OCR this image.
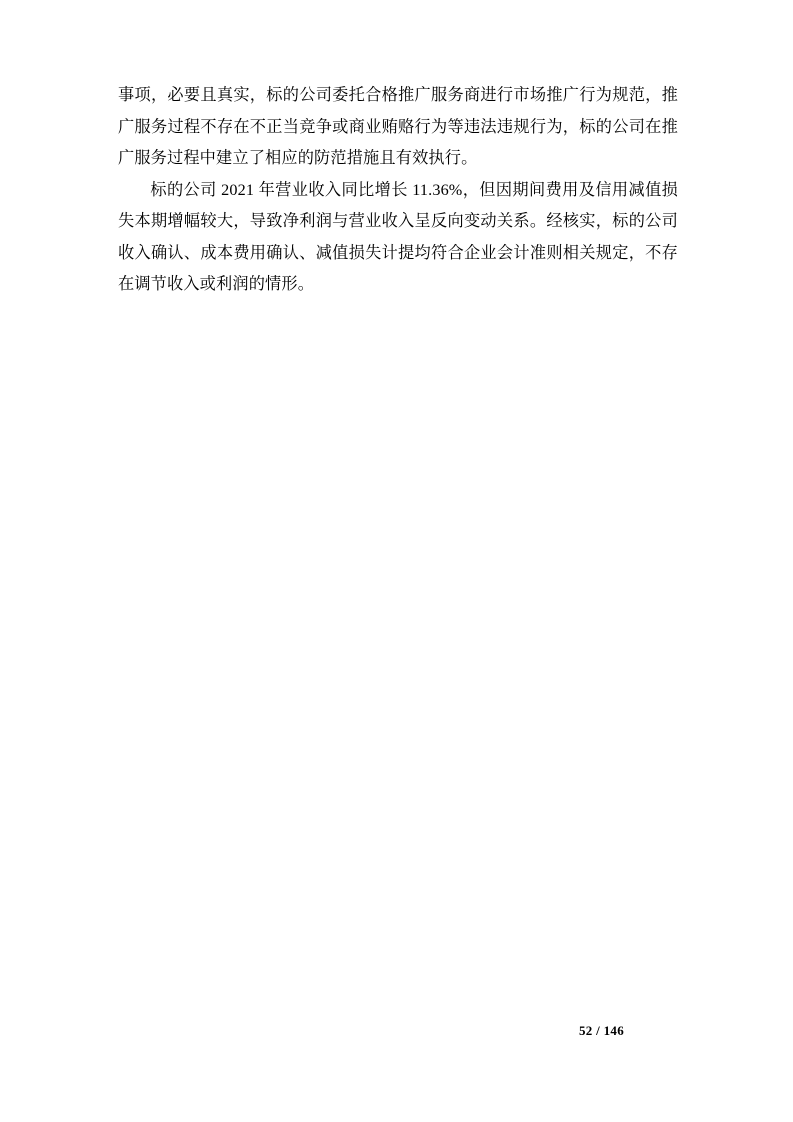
事项，必要且真实，标的公司委托合格推广服务商进行市场推广行为规范，推广服务过程不存在不正当竞争或商业贿赂行为等违法违规行为，标的公司在推广服务过程中建立了相应的防范措施且有效执行。

标的公司 2021 年营业收入同比增长 11.36%，但因期间费用及信用减值损失本期增幅较大，导致净利润与营业收入呈反向变动关系。经核实，标的公司收入确认、成本费用确认、减值损失计提均符合企业会计准则相关规定，不存在调节收入或利润的情形。

52 / 146
